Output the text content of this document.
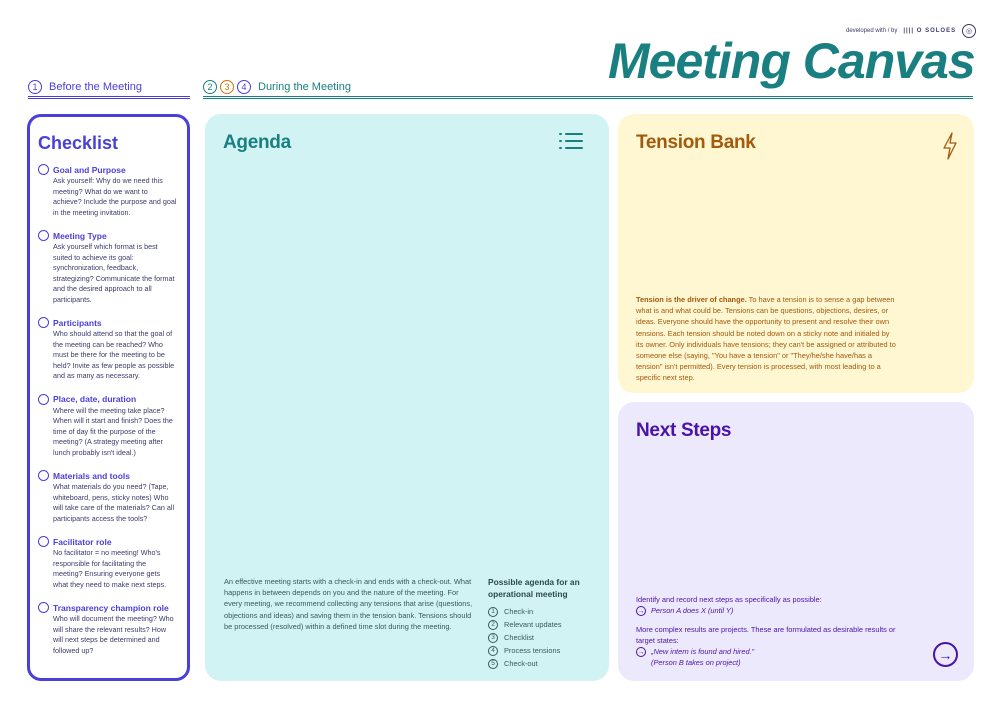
developed with / by |||| O SOLOES	◎
Meeting Canvas
1	Before the Meeting	2	3	4	During the Meeting
Checklist
Goal and Purpose
Ask yourself: Why do we need this meeting? What do we want to achieve? Include the purpose and goal in the meeting invitation.
Meeting Type
Ask yourself which format is best suited to achieve its goal: synchronization, feedback, strategizing? Communicate the format and the desired approach to all participants.
Participants
Who should attend so that the goal of the meeting can be reached? Who must be there for the meeting to be held? Invite as few people as possible and as many as necessary.
Place, date, duration
Where will the meeting take place? When will it start and finish? Does the time of day fit the purpose of the meeting? (A strategy meeting after lunch probably isn't ideal.)
Materials and tools
What materials do you need? (Tape, whiteboard, pens, sticky notes) Who will take care of the materials? Can all participants access the tools?
Facilitator role
No facilitator = no meeting! Who's responsible for facilitating the meeting? Ensuring everyone gets what they need to make next steps.
Transparency champion role
Who will document the meeting? Who will share the relevant results? How will next steps be determined and followed up?
Agenda
An effective meeting starts with a check-in and ends with a check-out. What happens in between depends on you and the nature of the meeting. For every meeting, we recommend collecting any tensions that arise (questions, objections and ideas) and saving them in the tension bank. Tensions should be processed (resolved) within a defined time slot during the meeting.
Possible agenda for an operational meeting
1	Check-in
2	Relevant updates
3	Checklist
4	Process tensions
5	Check-out
Tension Bank
Tension is the driver of change. To have a tension is to sense a gap between what is and what could be. Tensions can be questions, objections, desires, or ideas. Everyone should have the opportunity to present and resolve their own tensions. Each tension should be noted down on a sticky note and initialed by its owner. Only individuals have tensions; they can't be assigned or attributed to someone else (saying, "You have a tension" or "They/he/she have/has a tension" isn't permitted). Every tension is processed, with most leading to a specific next step.
Next Steps
Identify and record next steps as specifically as possible:
→ Person A does X (until Y)
More complex results are projects. These are formulated as desirable results or target states:
→ „New intern is found and hired.”
(Person B takes on project)	→
